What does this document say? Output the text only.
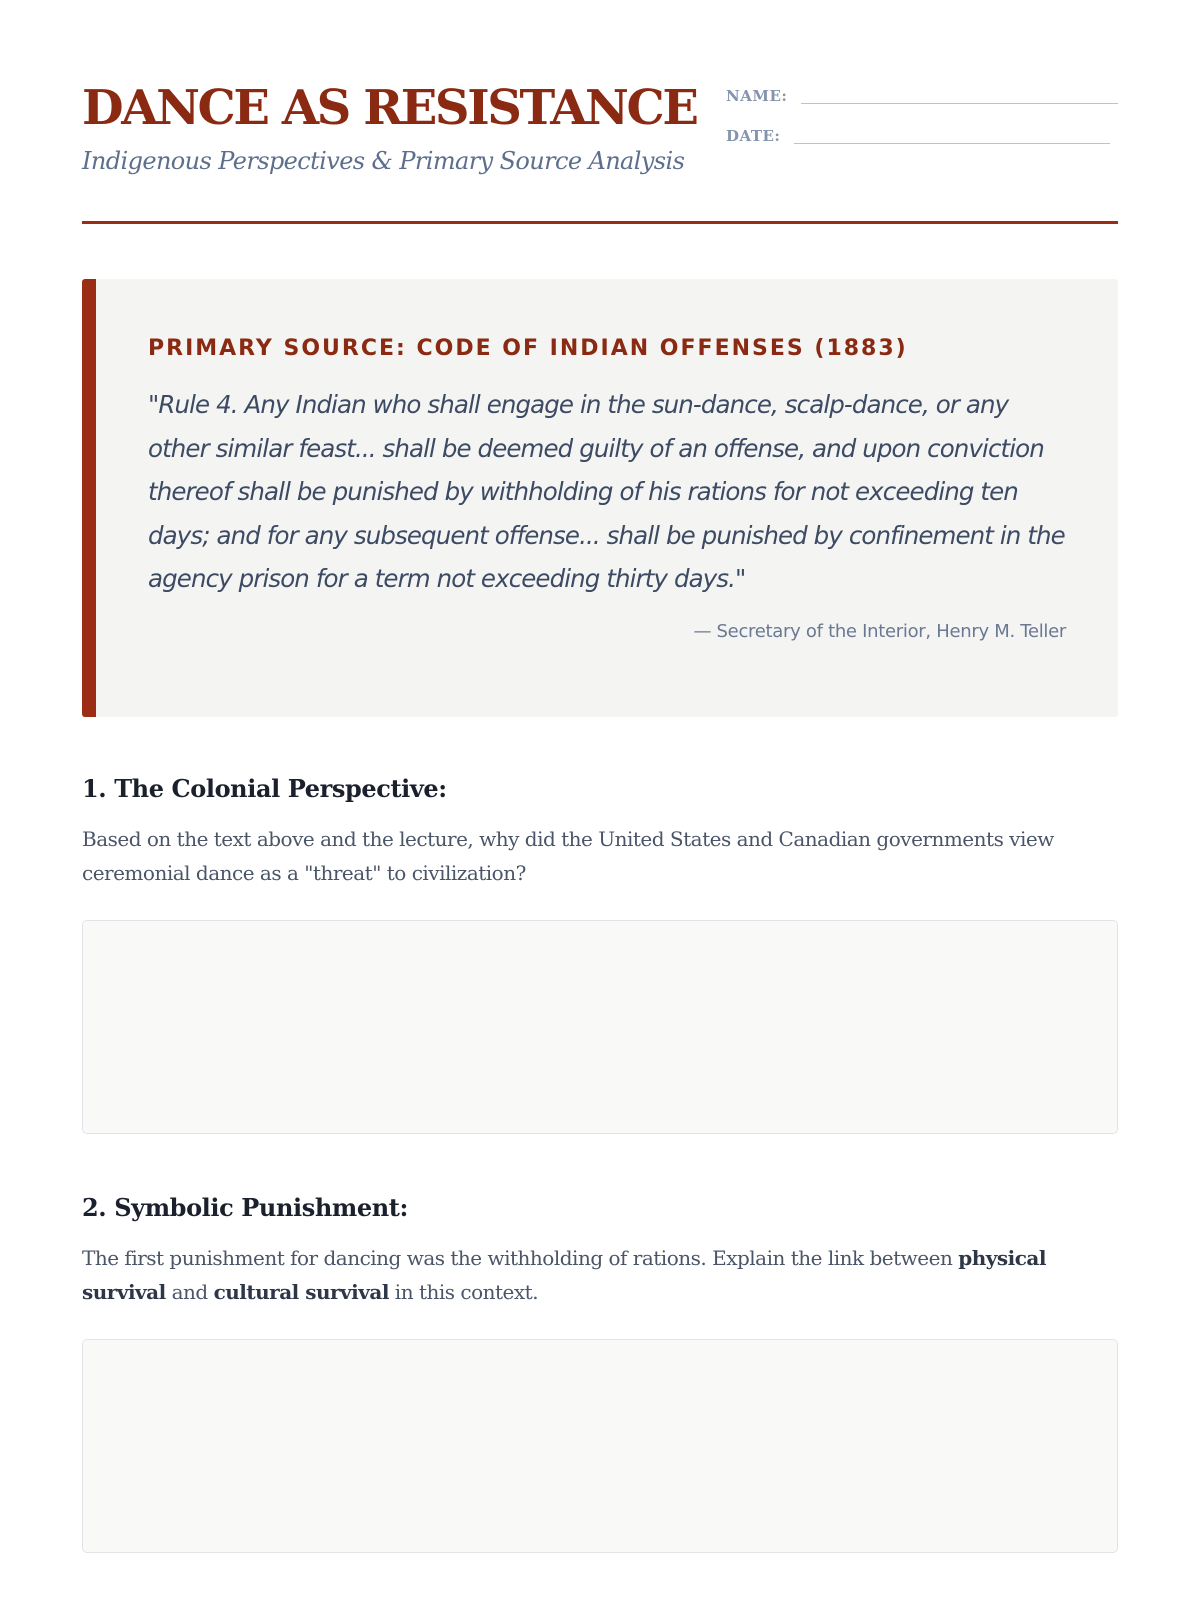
DANCE AS RESISTANCE
Indigenous Perspectives & Primary Source Analysis
NAME:
DATE:
PRIMARY SOURCE: CODE OF INDIAN OFFENSES (1883)

"Rule 4. Any Indian who shall engage in the sun-dance, scalp-dance, or any other similar feast... shall be deemed guilty of an offense, and upon conviction thereof shall be punished by withholding of his rations for not exceeding ten days; and for any subsequent offense... shall be punished by confinement in the agency prison for a term not exceeding thirty days."

— Secretary of the Interior, Henry M. Teller
1. The Colonial Perspective:

Based on the text above and the lecture, why did the United States and Canadian governments view ceremonial dance as a "threat" to civilization?

2. Symbolic Punishment:

The first punishment for dancing was the withholding of rations. Explain the link between physical survival and cultural survival in this context.
